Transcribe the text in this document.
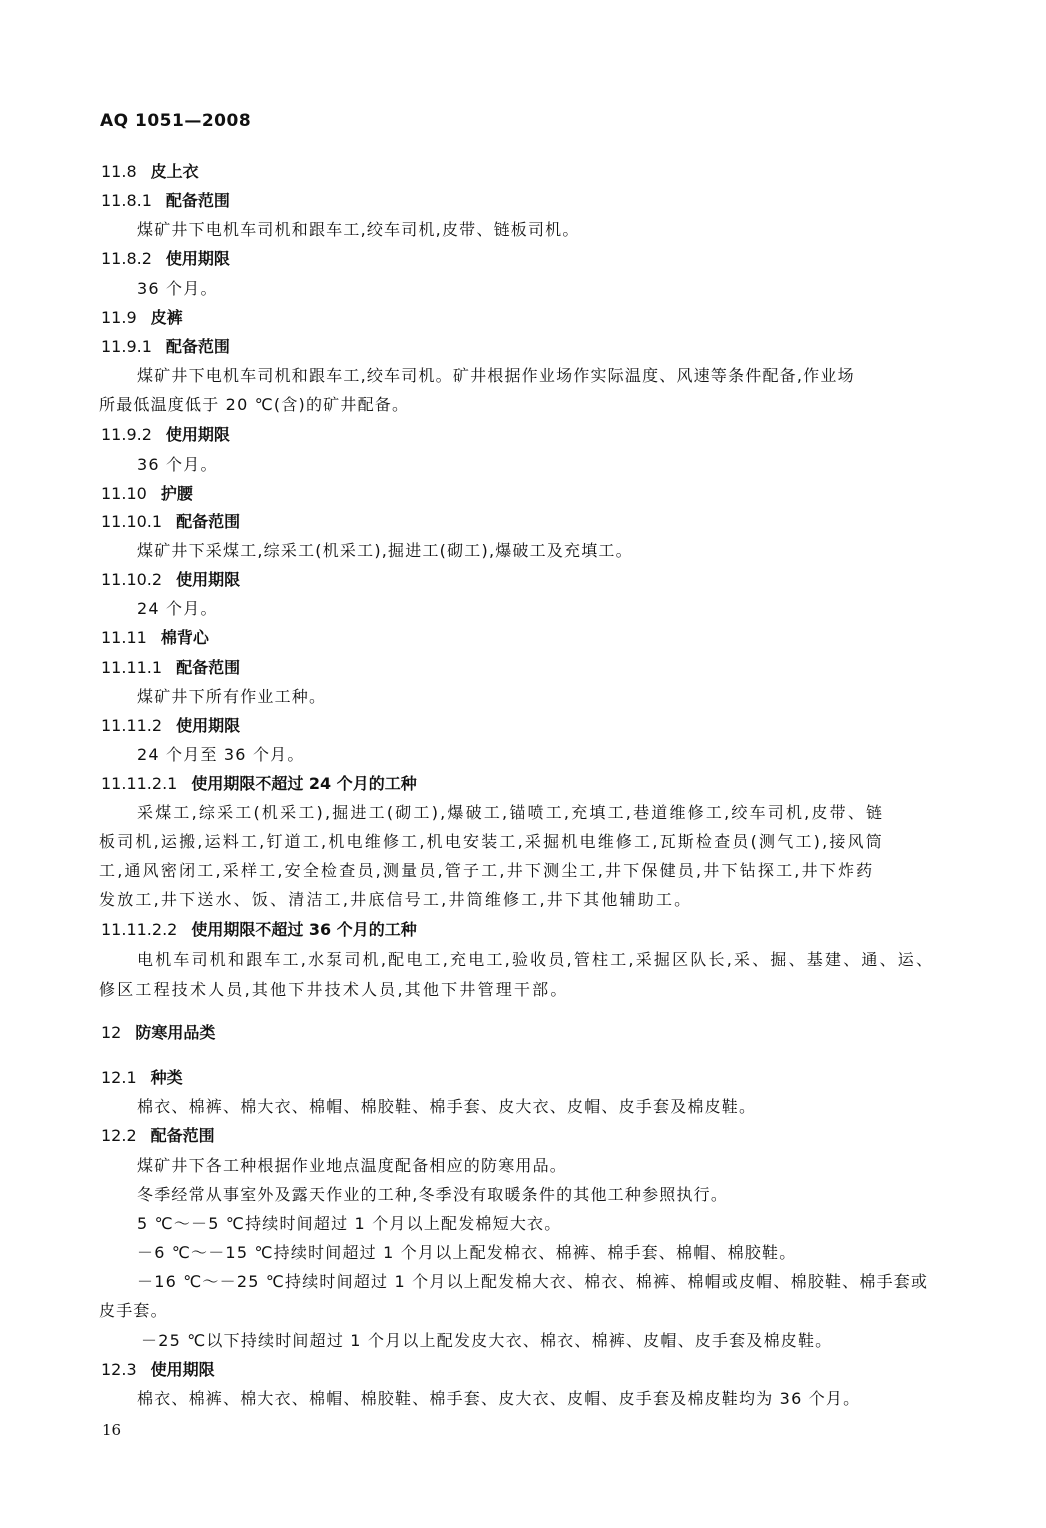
AQ 1051—2008
11.8 皮上衣
11.8.1 配备范围
煤矿井下电机车司机和跟车工,绞车司机,皮带、链板司机。
11.8.2 使用期限
36 个月。
11.9 皮裤
11.9.1 配备范围
煤矿井下电机车司机和跟车工,绞车司机。矿井根据作业场作实际温度、风速等条件配备,作业场
所最低温度低于 20 ℃(含)的矿井配备。
11.9.2 使用期限
36 个月。
11.10 护腰
11.10.1 配备范围
煤矿井下采煤工,综采工(机采工),掘进工(砌工),爆破工及充填工。
11.10.2 使用期限
24 个月。
11.11 棉背心
11.11.1 配备范围
煤矿井下所有作业工种。
11.11.2 使用期限
24 个月至 36 个月。
11.11.2.1 使用期限不超过 24 个月的工种
采煤工,综采工(机采工),掘进工(砌工),爆破工,锚喷工,充填工,巷道维修工,绞车司机,皮带、链
板司机,运搬,运料工,钉道工,机电维修工,机电安装工,采掘机电维修工,瓦斯检查员(测气工),接风筒
工,通风密闭工,采样工,安全检查员,测量员,管子工,井下测尘工,井下保健员,井下钻探工,井下炸药
发放工,井下送水、饭、清洁工,井底信号工,井筒维修工,井下其他辅助工。
11.11.2.2 使用期限不超过 36 个月的工种
电机车司机和跟车工,水泵司机,配电工,充电工,验收员,管柱工,采掘区队长,采、掘、基建、通、运、
修区工程技术人员,其他下井技术人员,其他下井管理干部。
12 防寒用品类
12.1 种类
棉衣、棉裤、棉大衣、棉帽、棉胶鞋、棉手套、皮大衣、皮帽、皮手套及棉皮鞋。
12.2 配备范围
煤矿井下各工种根据作业地点温度配备相应的防寒用品。
冬季经常从事室外及露天作业的工种,冬季没有取暖条件的其他工种参照执行。
5 ℃～－5 ℃持续时间超过 1 个月以上配发棉短大衣。
－6 ℃～－15 ℃持续时间超过 1 个月以上配发棉衣、棉裤、棉手套、棉帽、棉胶鞋。
－16 ℃～－25 ℃持续时间超过 1 个月以上配发棉大衣、棉衣、棉裤、棉帽或皮帽、棉胶鞋、棉手套或
皮手套。
－25 ℃以下持续时间超过 1 个月以上配发皮大衣、棉衣、棉裤、皮帽、皮手套及棉皮鞋。
12.3 使用期限
棉衣、棉裤、棉大衣、棉帽、棉胶鞋、棉手套、皮大衣、皮帽、皮手套及棉皮鞋均为 36 个月。
16
